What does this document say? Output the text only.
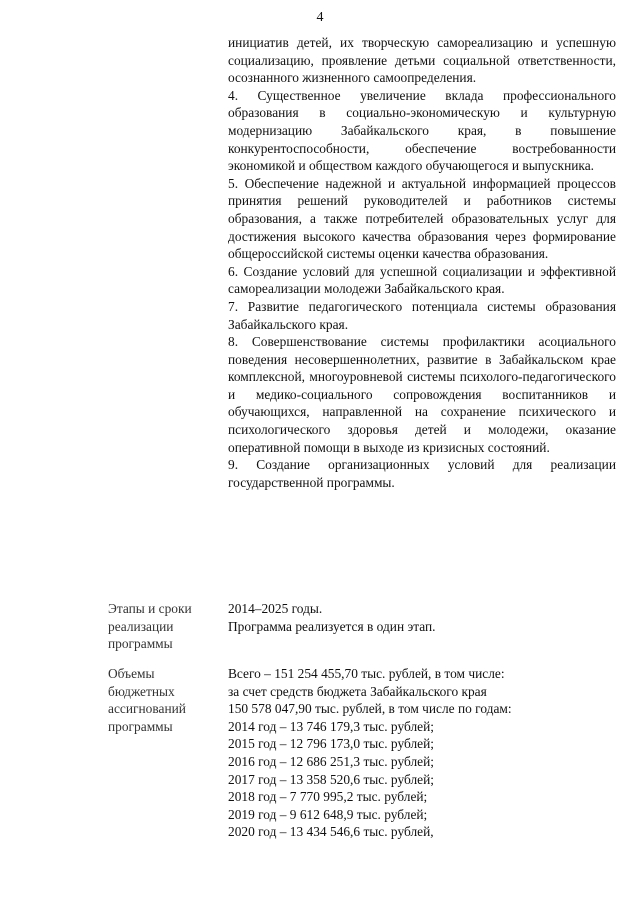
4

инициатив детей, их творческую самореализацию и успешную социализацию, проявление детьми социальной ответственности, осознанного жизненного самоопределения.

4. Существенное увеличение вклада профессионального образования в социально-экономическую и культурную модернизацию Забайкальского края, в повышение конкурентоспособности, обеспечение востребованности экономикой и обществом каждого обучающегося и выпускника.

5. Обеспечение надежной и актуальной информацией процессов принятия решений руководителей и работников системы образования, а также потребителей образовательных услуг для достижения высокого качества образования через формирование общероссийской системы оценки качества образования.

6. Создание условий для успешной социализации и эффективной самореализации молодежи Забайкальского края.

7. Развитие педагогического потенциала системы образования Забайкальского края.

8. Совершенствование системы профилактики асоциального поведения несовершеннолетних, развитие в Забайкальском крае комплексной, многоуровневой системы психолого-педагогического и медико-социального сопровождения воспитанников и обучающихся, направленной на сохранение психического и психологического здоровья детей и молодежи, оказание оперативной помощи в выходе из кризисных состояний.

9. Создание организационных условий для реализации государственной программы.

Этапы и сроки реализации программы

2014–2025 годы.

Программа реализуется в один этап.

Объемы бюджетных ассигнований программы

Всего – 151 254 455,70 тыс. рублей, в том числе:

за счет средств бюджета Забайкальского края

150 578 047,90 тыс. рублей, в том числе по годам:

2014 год – 13 746 179,3 тыс. рублей;

2015 год – 12 796 173,0 тыс. рублей;

2016 год – 12 686 251,3 тыс. рублей;

2017 год – 13 358 520,6 тыс. рублей;

2018 год – 7 770 995,2 тыс. рублей;

2019 год – 9 612 648,9 тыс. рублей;

2020 год – 13 434 546,6 тыс. рублей,
